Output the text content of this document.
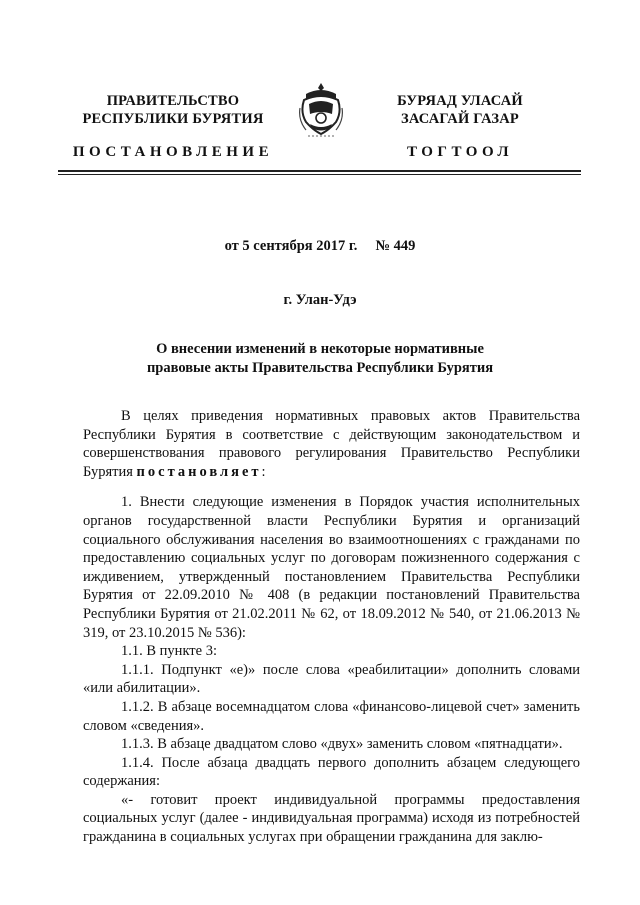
ПРАВИТЕЛЬСТВО
РЕСПУБЛИКИ БУРЯТИЯ
БУРЯАД УЛАСАЙ
ЗАСАГАЙ ГАЗАР
ПОСТАНОВЛЕНИЕ	ТОГТООЛ
от 5 сентября 2017 г. № 449
г. Улан-Удэ
О внесении изменений в некоторые нормативные
правовые акты Правительства Республики Бурятия

В целях приведения нормативных правовых актов Правительства Республики Бурятия в соответствие с действующим законодательством и совершенствования правового регулирования Правительство Республики Бурятия постановляет:

1. Внести следующие изменения в Порядок участия исполнительных органов государственной власти Республики Бурятия и организаций социального обслуживания населения во взаимоотношениях с гражданами по предоставлению социальных услуг по договорам пожизненного содержания с иждивением, утвержденный постановлением Правительства Республики Бурятия от 22.09.2010 № 408 (в редакции постановлений Правительства Республики Бурятия от 21.02.2011 № 62, от 18.09.2012 № 540, от 21.06.2013 № 319, от 23.10.2015 № 536):

1.1. В пункте 3:

1.1.1. Подпункт «е)» после слова «реабилитации» дополнить словами «или абилитации».

1.1.2. В абзаце восемнадцатом слова «финансово-лицевой счет» заменить словом «сведения».

1.1.3. В абзаце двадцатом слово «двух» заменить словом «пятнадцати».

1.1.4. После абзаца двадцать первого дополнить абзацем следующего содержания:

«- готовит проект индивидуальной программы предоставления социальных услуг (далее - индивидуальная программа) исходя из потребностей гражданина в социальных услугах при обращении гражданина для заклю-
